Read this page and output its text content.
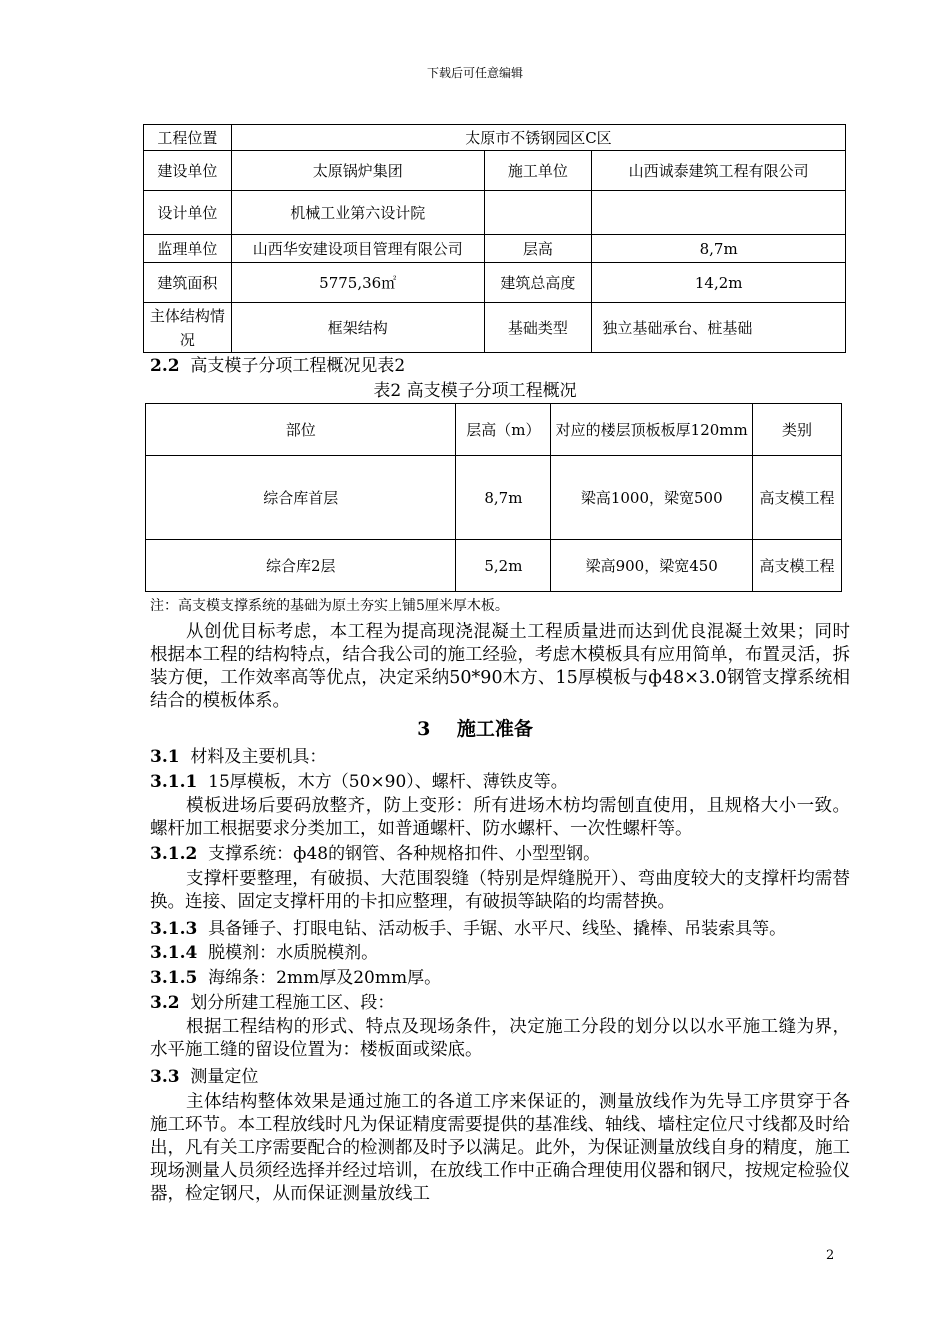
下载后可任意编辑
工程位置	太原市不锈钢园区C区		
建设单位	太原锅炉集团	施工单位	山西诚泰建筑工程有限公司
设计单位	机械工业第六设计院		
监理单位	山西华安建设项目管理有限公司	层高	8,7m
建筑面积	5775,36㎡	建筑总高度	14,2m
主体结构情况	框架结构	基础类型	独立基础承台、桩基础
2.2 高支模子分项工程概况见表2
表2 高支模子分项工程概况
部位	层高（m）	对应的楼层顶板板厚120mm	类别
综合库首层	8,7m	梁高1000，梁宽500	高支模工程
综合库2层	5,2m	梁高900，梁宽450	高支模工程
注：高支模支撑系统的基础为原土夯实上铺5厘米厚木板。
从创优目标考虑，本工程为提高现浇混凝土工程质量进而达到优良混凝土效果；同时根据本工程的结构特点，结合我公司的施工经验，考虑木模板具有应用简单，布置灵活，拆装方便，工作效率高等优点，决定采纳50*90木方、15厚模板与ф48×3.0钢管支撑系统相结合的模板体系。
3 施工准备
3.1 材料及主要机具：
3.1.1 15厚模板，木方（50×90）、螺杆、薄铁皮等。
模板进场后要码放整齐，防上变形：所有进场木枋均需刨直使用，且规格大小一致。螺杆加工根据要求分类加工，如普通螺杆、防水螺杆、一次性螺杆等。
3.1.2 支撑系统：ф48的钢管、各种规格扣件、小型型钢。
支撑杆要整理，有破损、大范围裂缝（特别是焊缝脱开）、弯曲度较大的支撑杆均需替换。连接、固定支撑杆用的卡扣应整理，有破损等缺陷的均需替换。
3.1.3 具备锤子、打眼电钻、活动板手、手锯、水平尺、线坠、撬棒、吊装索具等。
3.1.4 脱模剂：水质脱模剂。
3.1.5 海绵条：2mm厚及20mm厚。
3.2 划分所建工程施工区、段：
根据工程结构的形式、特点及现场条件，决定施工分段的划分以以水平施工缝为界，水平施工缝的留设位置为：楼板面或梁底。
3.3 测量定位
主体结构整体效果是通过施工的各道工序来保证的，测量放线作为先导工序贯穿于各施工环节。本工程放线时凡为保证精度需要提供的基准线、轴线、墙柱定位尺寸线都及时给出，凡有关工序需要配合的检测都及时予以满足。此外，为保证测量放线自身的精度，施工现场测量人员须经选择并经过培训，在放线工作中正确合理使用仪器和钢尺，按规定检验仪器，检定钢尺，从而保证测量放线工
2
